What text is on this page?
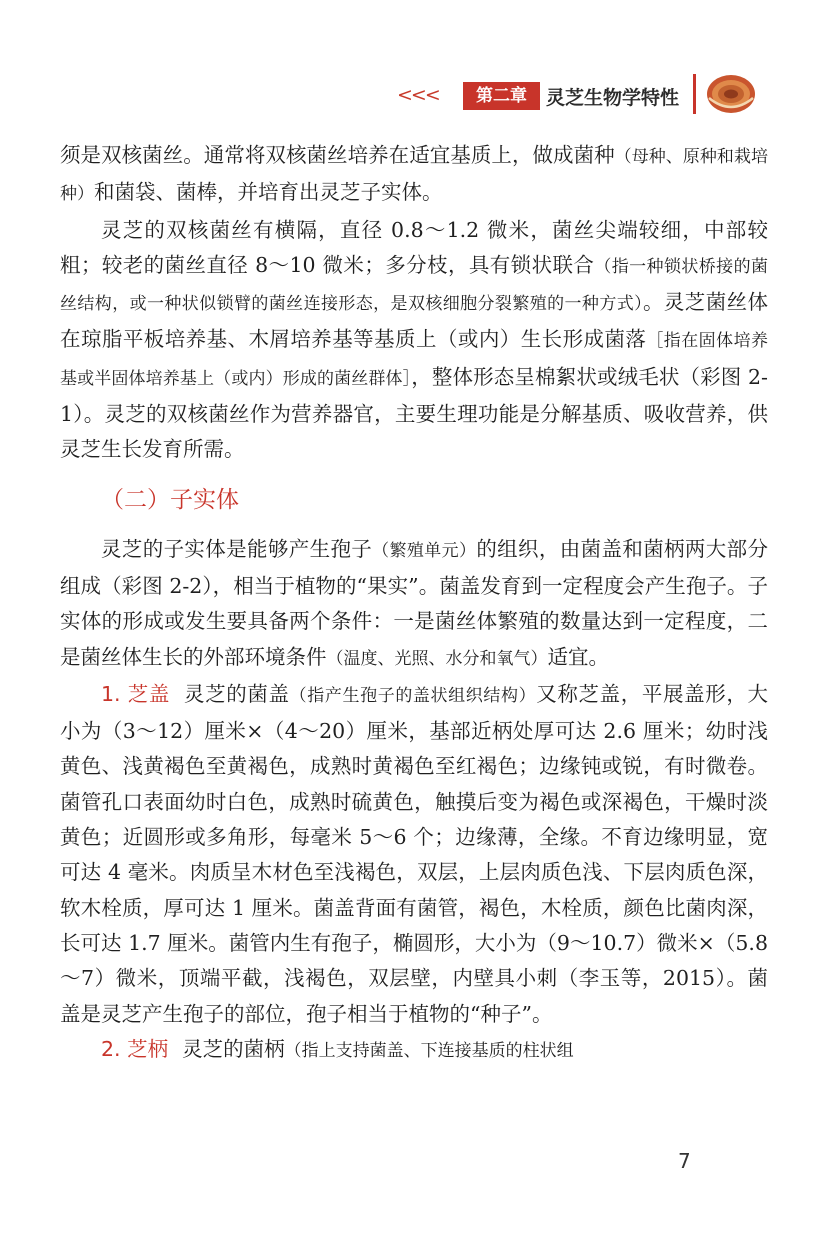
<<<	第二章	灵芝生物学特性

须是双核菌丝。通常将双核菌丝培养在适宜基质上，做成菌种（母种、原种和栽培种）和菌袋、菌棒，并培育出灵芝子实体。

灵芝的双核菌丝有横隔，直径 0.8～1.2 微米，菌丝尖端较细，中部较粗；较老的菌丝直径 8～10 微米；多分枝，具有锁状联合（指一种锁状桥接的菌丝结构，或一种状似锁臂的菌丝连接形态，是双核细胞分裂繁殖的一种方式）。灵芝菌丝体在琼脂平板培养基、木屑培养基等基质上（或内）生长形成菌落［指在固体培养基或半固体培养基上（或内）形成的菌丝群体］，整体形态呈棉絮状或绒毛状（彩图 2-1）。灵芝的双核菌丝作为营养器官，主要生理功能是分解基质、吸收营养，供灵芝生长发育所需。

（二）子实体

灵芝的子实体是能够产生孢子（繁殖单元）的组织，由菌盖和菌柄两大部分组成（彩图 2-2），相当于植物的“果实”。菌盖发育到一定程度会产生孢子。子实体的形成或发生要具备两个条件：一是菌丝体繁殖的数量达到一定程度，二是菌丝体生长的外部环境条件（温度、光照、水分和氧气）适宜。

1. 芝盖 灵芝的菌盖（指产生孢子的盖状组织结构）又称芝盖，平展盖形，大小为（3～12）厘米×（4～20）厘米，基部近柄处厚可达 2.6 厘米；幼时浅黄色、浅黄褐色至黄褐色，成熟时黄褐色至红褐色；边缘钝或锐，有时微卷。菌管孔口表面幼时白色，成熟时硫黄色，触摸后变为褐色或深褐色，干燥时淡黄色；近圆形或多角形，每毫米 5～6 个；边缘薄，全缘。不育边缘明显，宽可达 4 毫米。肉质呈木材色至浅褐色，双层，上层肉质色浅、下层肉质色深，软木栓质，厚可达 1 厘米。菌盖背面有菌管，褐色，木栓质，颜色比菌肉深，长可达 1.7 厘米。菌管内生有孢子，椭圆形，大小为（9～10.7）微米×（5.8～7）微米，顶端平截，浅褐色，双层壁，内壁具小刺（李玉等，2015）。菌盖是灵芝产生孢子的部位，孢子相当于植物的“种子”。

2. 芝柄 灵芝的菌柄（指上支持菌盖、下连接基质的柱状组

7
